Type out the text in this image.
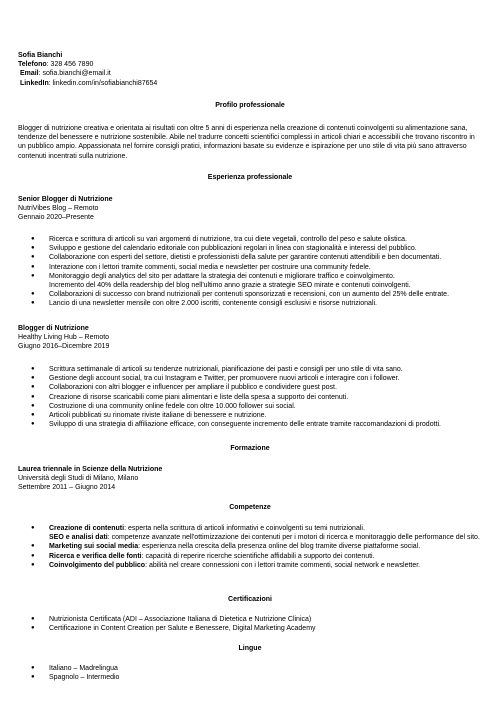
Sofia Bianchi
Telefono: 328 456 7890
Email: sofia.bianchi@email.it
LinkedIn: linkedin.com/in/sofiabianchi87654
Profilo professionale
Blogger di nutrizione creativa e orientata ai risultati con oltre 5 anni di esperienza nella creazione di contenuti coinvolgenti su alimentazione sana, tendenze del benessere e nutrizione sostenibile. Abile nel tradurre concetti scientifici complessi in articoli chiari e accessibili che trovano riscontro in un pubblico ampio. Appassionata nel fornire consigli pratici, informazioni basate su evidenze e ispirazione per uno stile di vita più sano attraverso contenuti incentrati sulla nutrizione.
Esperienza professionale
Senior Blogger di Nutrizione
NutriVibes Blog – Remoto
Gennaio 2020–Presente
● Ricerca e scrittura di articoli su vari argomenti di nutrizione, tra cui diete vegetali, controllo del peso e salute olistica.
● Sviluppo e gestione del calendario editoriale con pubblicazioni regolari in linea con stagionalità e interessi del pubblico.
● Collaborazione con esperti del settore, dietisti e professionisti della salute per garantire contenuti attendibili e ben documentati.
● Interazione con i lettori tramite commenti, social media e newsletter per costruire una community fedele.
● Monitoraggio degli analytics del sito per adattare la strategia dei contenuti e migliorare traffico e coinvolgimento.
Incremento del 40% della readership del blog nell'ultimo anno grazie a strategie SEO mirate e contenuti coinvolgenti.
● Collaborazioni di successo con brand nutrizionali per contenuti sponsorizzati e recensioni, con un aumento del 25% delle entrate.
● Lancio di una newsletter mensile con oltre 2.000 iscritti, contenente consigli esclusivi e risorse nutrizionali.
Blogger di Nutrizione
Healthy Living Hub – Remoto
Giugno 2016–Dicembre 2019
● Scrittura settimanale di articoli su tendenze nutrizionali, pianificazione dei pasti e consigli per uno stile di vita sano.
● Gestione degli account social, tra cui Instagram e Twitter, per promuovere nuovi articoli e interagire con i follower.
● Collaborazioni con altri blogger e influencer per ampliare il pubblico e condividere guest post.
● Creazione di risorse scaricabili come piani alimentari e liste della spesa a supporto dei contenuti.
● Costruzione di una community online fedele con oltre 10.000 follower sui social.
● Articoli pubblicati su rinomate riviste italiane di benessere e nutrizione.
● Sviluppo di una strategia di affiliazione efficace, con conseguente incremento delle entrate tramite raccomandazioni di prodotti.
Formazione
Laurea triennale in Scienze della Nutrizione
Università degli Studi di Milano, Milano
Settembre 2011 – Giugno 2014
Competenze
● Creazione di contenuti: esperta nella scrittura di articoli informativi e coinvolgenti su temi nutrizionali.
SEO e analisi dati: competenze avanzate nell'ottimizzazione dei contenuti per i motori di ricerca e monitoraggio delle performance del sito.
● Marketing sui social media: esperienza nella crescita della presenza online del blog tramite diverse piattaforme social.
● Ricerca e verifica delle fonti: capacità di reperire ricerche scientifiche affidabili a supporto dei contenuti.
● Coinvolgimento del pubblico: abilità nel creare connessioni con i lettori tramite commenti, social network e newsletter.
Certificazioni
● Nutrizionista Certificata (ADI – Associazione Italiana di Dietetica e Nutrizione Clinica)
● Certificazione in Content Creation per Salute e Benessere, Digital Marketing Academy
Lingue
● Italiano – Madrelingua
● Spagnolo – Intermedio
